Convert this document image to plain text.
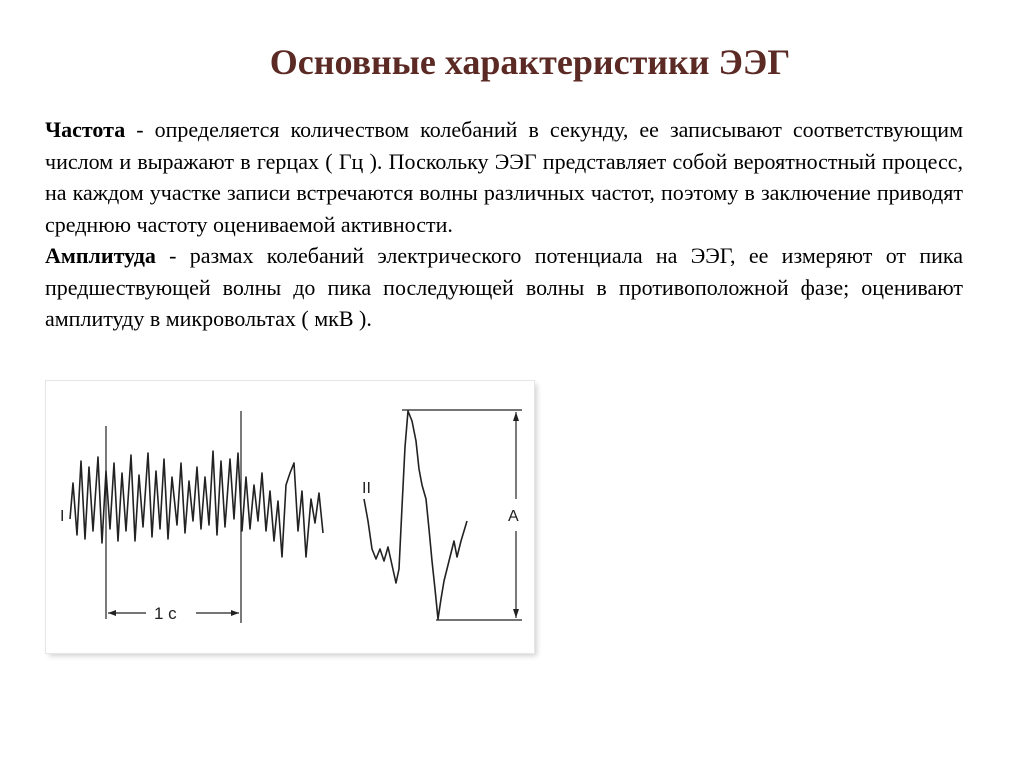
Основные характеристики ЭЭГ

Частота - определяется количеством колебаний в секунду, ее записывают соответствующим числом и выражают в герцах ( Гц ). Поскольку ЭЭГ представляет собой вероятностный процесс, на каждом участке записи встречаются волны различных частот, поэтому в заключение приводят среднюю частоту оцениваемой активности.

Амплитуда - размах колебаний электрического потенциала на ЭЭГ, ее измеряют от пика предшествующей волны до пика последующей волны в противоположной фазе; оценивают амплитуду в микровольтах ( мкВ ).

I
II
1 с
А
